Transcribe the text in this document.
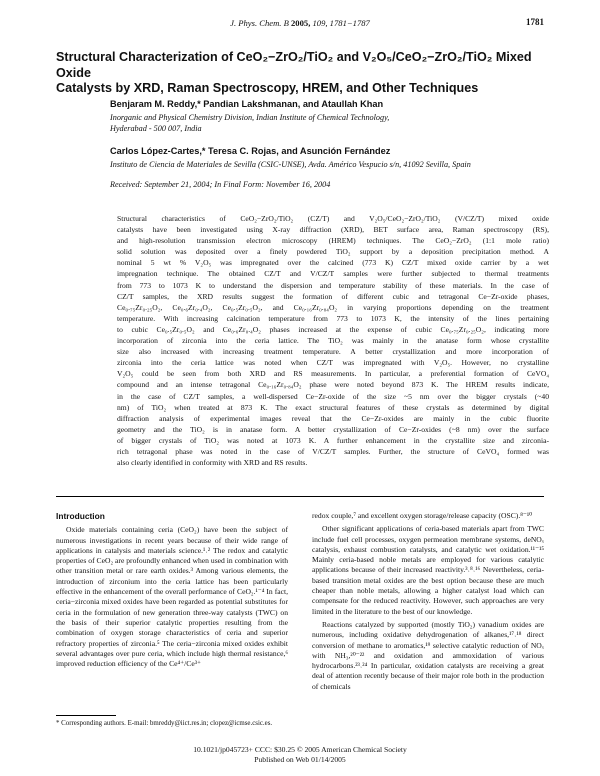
J. Phys. Chem. B 2005, 109, 1781−1787	1781
Structural Characterization of CeO₂−ZrO₂/TiO₂ and V₂O₅/CeO₂−ZrO₂/TiO₂ Mixed Oxide
Catalysts by XRD, Raman Spectroscopy, HREM, and Other Techniques
Benjaram M. Reddy,* Pandian Lakshmanan, and Ataullah Khan
Inorganic and Physical Chemistry Division, Indian Institute of Chemical Technology,
Hyderabad - 500 007, India
Carlos López-Cartes,* Teresa C. Rojas, and Asunción Fernández
Instituto de Ciencia de Materiales de Sevilla (CSIC-UNSE), Avda. Américo Vespucio s/n, 41092 Sevilla, Spain
Received: September 21, 2004; In Final Form: November 16, 2004
Structural characteristics of CeO₂−ZrO₂/TiO₂ (CZ/T) and V₂O₅/CeO₂−ZrO₂/TiO₂ (V/CZ/T) mixed oxide
catalysts have been investigated using X-ray diffraction (XRD), BET surface area, Raman spectroscopy (RS),
and high-resolution transmission electron microscopy (HREM) techniques. The CeO₂−ZrO₂ (1:1 mole ratio)
solid solution was deposited over a finely powdered TiO₂ support by a deposition precipitation method. A
nominal 5 wt % V₂O₅ was impregnated over the calcined (773 K) CZ/T mixed oxide carrier by a wet
impregnation technique. The obtained CZ/T and V/CZ/T samples were further subjected to thermal treatments
from 773 to 1073 K to understand the dispersion and temperature stability of these materials. In the case of
CZ/T samples, the XRD results suggest the formation of different cubic and tetragonal Ce−Zr-oxide phases,
Ce₀.₇₅Zr₀.₂₅O₂, Ce₀.₆Zr₀.₄O₂, Ce₀.₅Zr₀.₅O₂, and Ce₀.₁₆Zr₀.₈₄O₂ in varying proportions depending on the treatment
temperature. With increasing calcination temperature from 773 to 1073 K, the intensity of the lines pertaining
to cubic Ce₀.₅Zr₀.₅O₂ and Ce₀.₆Zr₀.₄O₂ phases increased at the expense of cubic Ce₀.₇₅Zr₀.₂₅O₂, indicating more
incorporation of zirconia into the ceria lattice. The TiO₂ was mainly in the anatase form whose crystallite
size also increased with increasing treatment temperature. A better crystallization and more incorporation of
zirconia into the ceria lattice was noted when CZ/T was impregnated with V₂O₅. However, no crystalline
V₂O₅ could be seen from both XRD and RS measurements. In particular, a preferential formation of CeVO₄
compound and an intense tetragonal Ce₀.₁₆Zr₀.₈₄O₂ phase were noted beyond 873 K. The HREM results indicate,
in the case of CZ/T samples, a well-dispersed Ce−Zr-oxide of the size ~5 nm over the bigger crystals (~40
nm) of TiO₂ when treated at 873 K. The exact structural features of these crystals as determined by digital
diffraction analysis of experimental images reveal that the Ce−Zr-oxides are mainly in the cubic fluorite
geometry and the TiO₂ is in anatase form. A better crystallization of Ce−Zr-oxides (~8 nm) over the surface
of bigger crystals of TiO₂ was noted at 1073 K. A further enhancement in the crystallite size and zirconia-
rich tetragonal phase was noted in the case of V/CZ/T samples. Further, the structure of CeVO₄ formed was
also clearly identified in conformity with XRD and RS results.
Introduction

Oxide materials containing ceria (CeO₂) have been the subject of numerous investigations in recent years because of their wide range of applications in catalysis and materials science.¹˒² The redox and catalytic properties of CeO₂ are profoundly enhanced when used in combination with other transition metal or rare earth oxides.³ Among various elements, the introduction of zirconium into the ceria lattice has been particularly effective in the enhancement of the overall performance of CeO₂.¹⁻⁴ In fact, ceria−zirconia mixed oxides have been regarded as potential substitutes for ceria in the formulation of new generation three-way catalysts (TWC) on the basis of their superior catalytic properties resulting from the combination of oxygen storage characteristics of ceria and superior refractory properties of zirconia.⁵ The ceria−zirconia mixed oxides exhibit several advantages over pure ceria, which include high thermal resistance,⁶ improved reduction efficiency of the Ce⁴⁺/Ce³⁺

redox couple,⁷ and excellent oxygen storage/release capacity (OSC).⁸⁻¹⁰

Other significant applications of ceria-based materials apart from TWC include fuel cell processes, oxygen permeation membrane systems, deNOₓ catalysis, exhaust combustion catalysts, and catalytic wet oxidation.¹¹⁻¹⁵ Mainly ceria-based noble metals are employed for various catalytic applications because of their increased reactivity.³˒⁸˒¹⁶ Nevertheless, ceria-based transition metal oxides are the best option because these are much cheaper than noble metals, allowing a higher catalyst load which can compensate for the reduced reactivity. However, such approaches are very limited in the literature to the best of our knowledge.

Reactions catalyzed by supported (mostly TiO₂) vanadium oxides are numerous, including oxidative dehydrogenation of alkanes,¹⁷˒¹⁸ direct conversion of methane to aromatics,¹⁹ selective catalytic reduction of NOₓ with NH₃,²⁰⁻²² and oxidation and ammoxidation of various hydrocarbons.²³˒²⁴ In particular, oxidation catalysts are receiving a great deal of attention recently because of their major role both in the production of chemicals

* Corresponding authors. E-mail: bmreddy@iict.res.in; clopez@icmse.csic.es.
10.1021/jp045723+ CCC: $30.25 © 2005 American Chemical Society
Published on Web 01/14/2005
